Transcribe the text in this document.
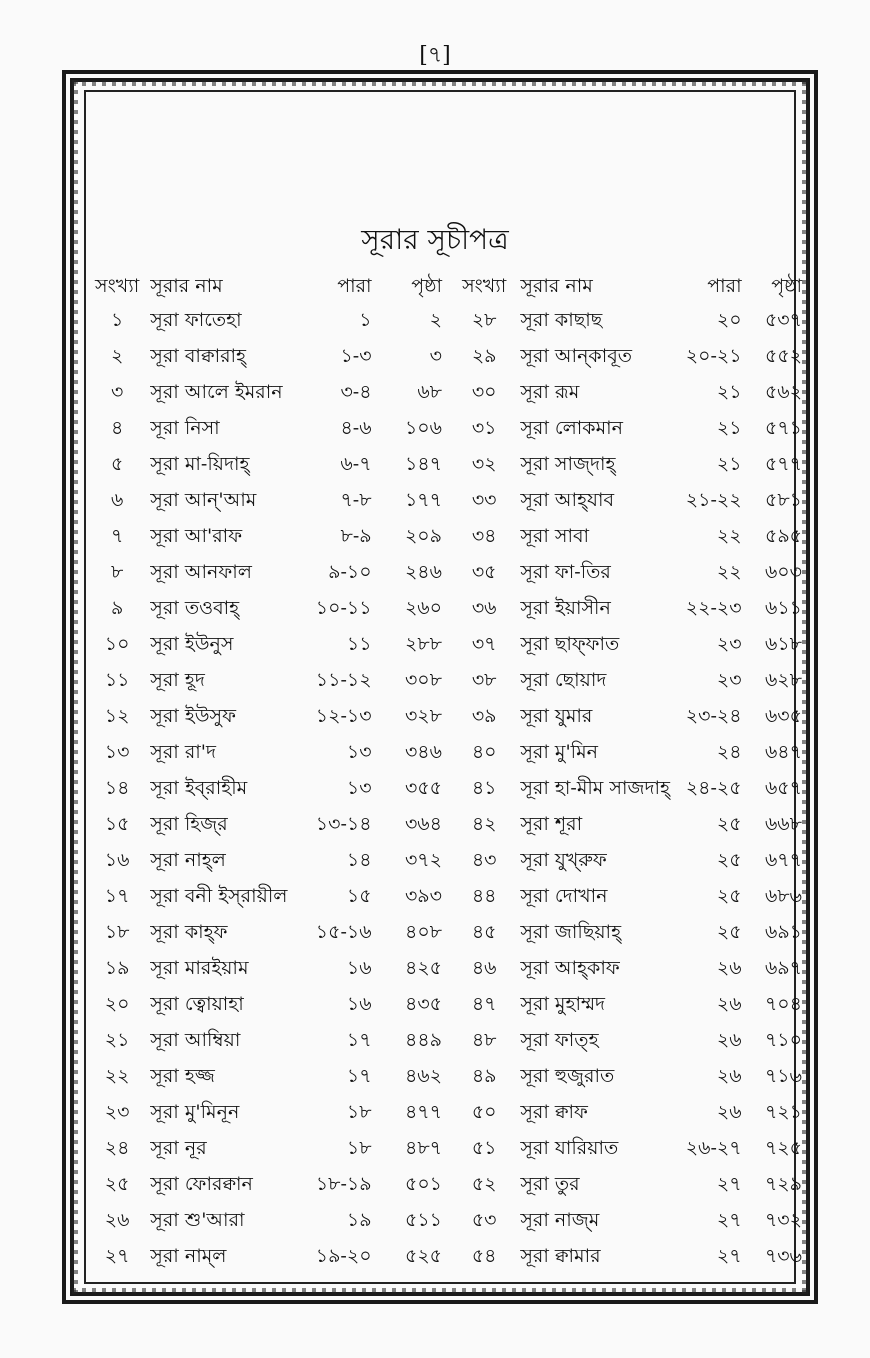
[৭]
সূরার সূচীপত্র
সংখ্যা	সূরার নাম	পারা	পৃষ্ঠা	সংখ্যা	সূরার নাম	পারা	পৃষ্ঠা
১	সূরা ফাতেহা	১	২	২৮	সূরা কাছাছ	২০	৫৩৭
২	সূরা বাক্বারাহ্	১-৩	৩	২৯	সূরা আন্‌কাবূত	২০-২১	৫৫২
৩	সূরা আলে ইমরান	৩-৪	৬৮	৩০	সূরা রূম	২১	৫৬২
৪	সূরা নিসা	৪-৬	১০৬	৩১	সূরা লোকমান	২১	৫৭১
৫	সূরা মা-য়িদাহ্	৬-৭	১৪৭	৩২	সূরা সাজ্‌দাহ্	২১	৫৭৭
৬	সূরা আন্‌'আম	৭-৮	১৭৭	৩৩	সূরা আহ্‌যাব	২১-২২	৫৮১
৭	সূরা আ'রাফ	৮-৯	২০৯	৩৪	সূরা সাবা	২২	৫৯৫
৮	সূরা আনফাল	৯-১০	২৪৬	৩৫	সূরা ফা-তির	২২	৬০৩
৯	সূরা তওবাহ্	১০-১১	২৬০	৩৬	সূরা ইয়াসীন	২২-২৩	৬১১
১০	সূরা ইউনুস	১১	২৮৮	৩৭	সূরা ছাফ্‌ফাত	২৩	৬১৮
১১	সূরা হূদ	১১-১২	৩০৮	৩৮	সূরা ছোয়াদ	২৩	৬২৮
১২	সূরা ইউসুফ	১২-১৩	৩২৮	৩৯	সূরা যুমার	২৩-২৪	৬৩৫
১৩	সূরা রা'দ	১৩	৩৪৬	৪০	সূরা মু'মিন	২৪	৬৪৭
১৪	সূরা ইব্‌রাহীম	১৩	৩৫৫	৪১	সূরা হা-মীম সাজদাহ্	২৪-২৫	৬৫৭
১৫	সূরা হিজ্‌র	১৩-১৪	৩৬৪	৪২	সূরা শূরা	২৫	৬৬৮
১৬	সূরা নাহ্‌ল	১৪	৩৭২	৪৩	সূরা যুখ্‌রুফ	২৫	৬৭৭
১৭	সূরা বনী ইস্‌রায়ীল	১৫	৩৯৩	৪৪	সূরা দোখান	২৫	৬৮৬
১৮	সূরা কাহ্‌ফ	১৫-১৬	৪০৮	৪৫	সূরা জাছিয়াহ্	২৫	৬৯১
১৯	সূরা মারইয়াম	১৬	৪২৫	৪৬	সূরা আহ্‌কাফ	২৬	৬৯৭
২০	সূরা ত্বোয়াহা	১৬	৪৩৫	৪৭	সূরা মুহাম্মদ	২৬	৭০৪
২১	সূরা আম্বিয়া	১৭	৪৪৯	৪৮	সূরা ফাত্‌হ	২৬	৭১০
২২	সূরা হজ্জ	১৭	৪৬২	৪৯	সূরা হুজুরাত	২৬	৭১৬
২৩	সূরা মু'মিনূন	১৮	৪৭৭	৫০	সূরা ক্বাফ	২৬	৭২১
২৪	সূরা নূর	১৮	৪৮৭	৫১	সূরা যারিয়াত	২৬-২৭	৭২৫
২৫	সূরা ফোরক্বান	১৮-১৯	৫০১	৫২	সূরা তুর	২৭	৭২৯
২৬	সূরা শু'আরা	১৯	৫১১	৫৩	সূরা নাজ্‌ম	২৭	৭৩২
২৭	সূরা নাম্‌ল	১৯-২০	৫২৫	৫৪	সূরা ক্বামার	২৭	৭৩৬
